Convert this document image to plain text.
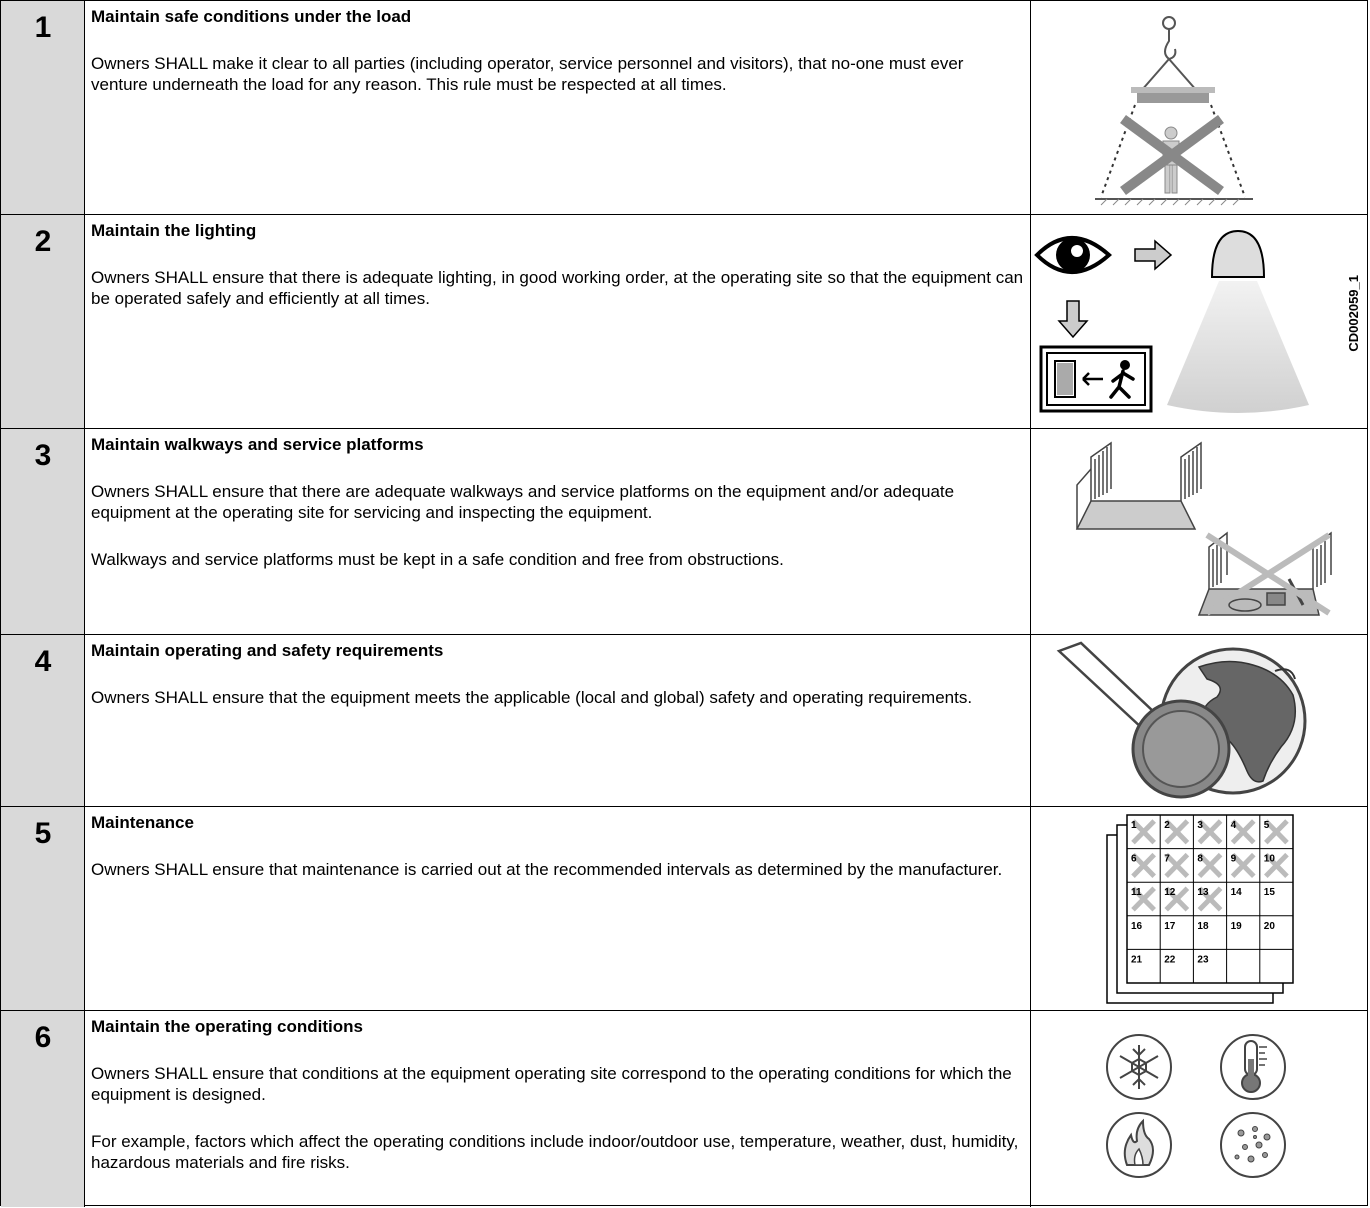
1	Maintain safe conditions under the load
Owners SHALL make it clear to all parties (including operator, service personnel and visitors), that no-one must ever venture underneath the load for any reason. This rule must be respected at all times.
2	Maintain the lighting
Owners SHALL ensure that there is adequate lighting, in good working order, at the operating site so that the equipment can be operated safely and efficiently at all times.	CD002059_1
3	Maintain walkways and service platforms
Owners SHALL ensure that there are adequate walkways and service platforms on the equipment and/or adequate equipment at the operating site for servicing and inspecting the equipment.
Walkways and service platforms must be kept in a safe condition and free from obstructions.
4	Maintain operating and safety requirements
Owners SHALL ensure that the equipment meets the applicable (local and global) safety and operating requirements.
5	Maintenance
Owners SHALL ensure that maintenance is carried out at the recommended intervals as determined by the manufacturer.
1	2	3	4	5
6	7	8	9	10
11 12 13 14 15
16 17 18 19 20
21 22 23
6	Maintain the operating conditions
Owners SHALL ensure that conditions at the equipment operating site correspond to the operating conditions for which the equipment is designed.
For example, factors which affect the operating conditions include indoor/outdoor use, temperature, weather, dust, humidity, hazardous materials and fire risks.
